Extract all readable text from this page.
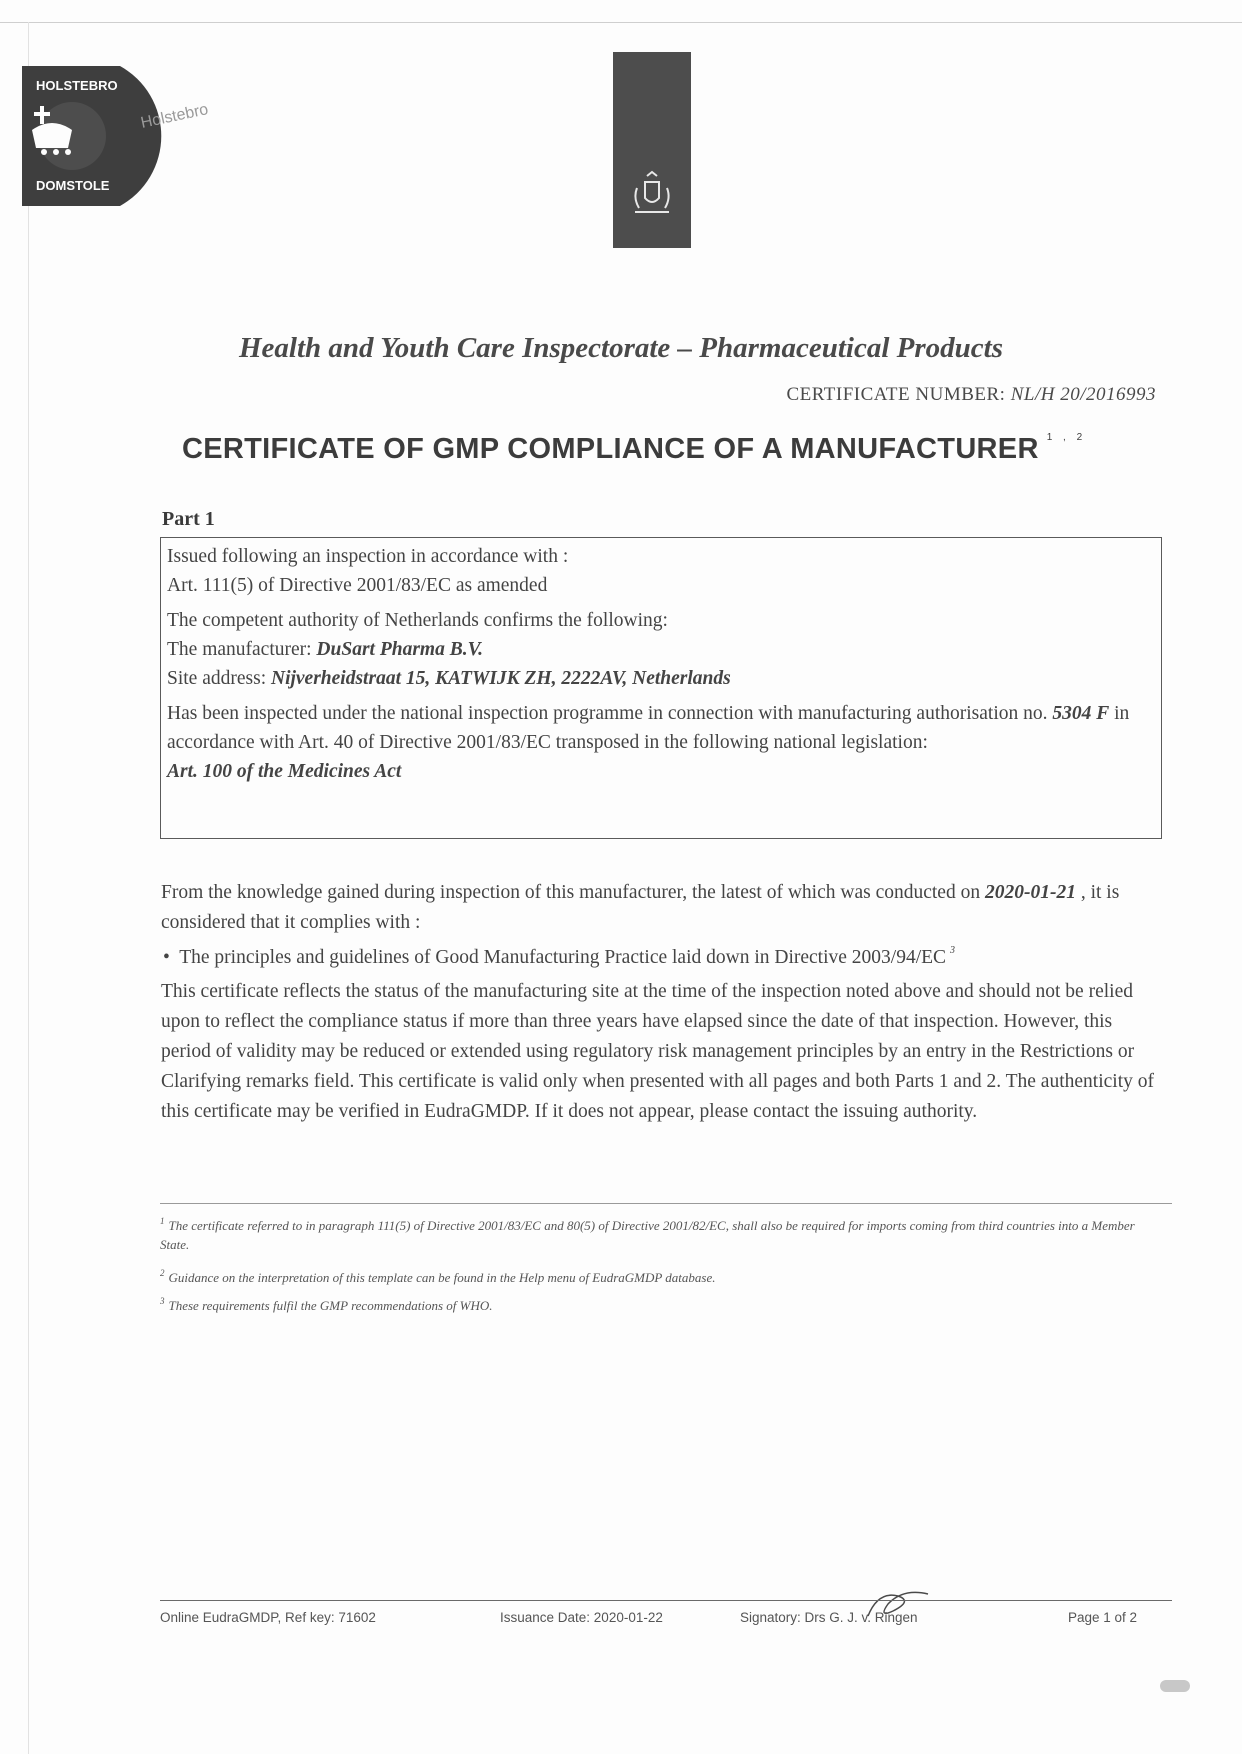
HOLSTEBRO
DOMSTOLE
Holstebro
Health and Youth Care Inspectorate – Pharmaceutical Products
CERTIFICATE NUMBER: NL/H 20/2016993
CERTIFICATE OF GMP COMPLIANCE OF A MANUFACTURER $^{1 , 2}$
Part 1
Issued following an inspection in accordance with :
Art. 111(5) of Directive 2001/83/EC as amended
The competent authority of Netherlands confirms the following:
The manufacturer: DuSart Pharma B.V.
Site address: Nijverheidstraat 15, KATWIJK ZH, 2222AV, Netherlands
Has been inspected under the national inspection programme in connection with manufacturing authorisation no. 5304 F in accordance with Art. 40 of Directive 2001/83/EC transposed in the following national legislation:
Art. 100 of the Medicines Act
From the knowledge gained during inspection of this manufacturer, the latest of which was conducted on 2020-01-21 , it is considered that it complies with :
• The principles and guidelines of Good Manufacturing Practice laid down in Directive 2003/94/EC $^3$
This certificate reflects the status of the manufacturing site at the time of the inspection noted above and should not be relied upon to reflect the compliance status if more than three years have elapsed since the date of that inspection. However, this period of validity may be reduced or extended using regulatory risk management principles by an entry in the Restrictions or Clarifying remarks field. This certificate is valid only when presented with all pages and both Parts 1 and 2. The authenticity of this certificate may be verified in EudraGMDP. If it does not appear, please contact the issuing authority.
$^1$ The certificate referred to in paragraph 111(5) of Directive 2001/83/EC and 80(5) of Directive 2001/82/EC, shall also be required for imports coming from third countries into a Member State.
$^2$ Guidance on the interpretation of this template can be found in the Help menu of EudraGMDP database.
$^3$ These requirements fulfil the GMP recommendations of WHO.
Online EudraGMDP, Ref key: 71602	Issuance Date: 2020-01-22	Signatory: Drs G. J. v. Ringen	Page 1 of 2
